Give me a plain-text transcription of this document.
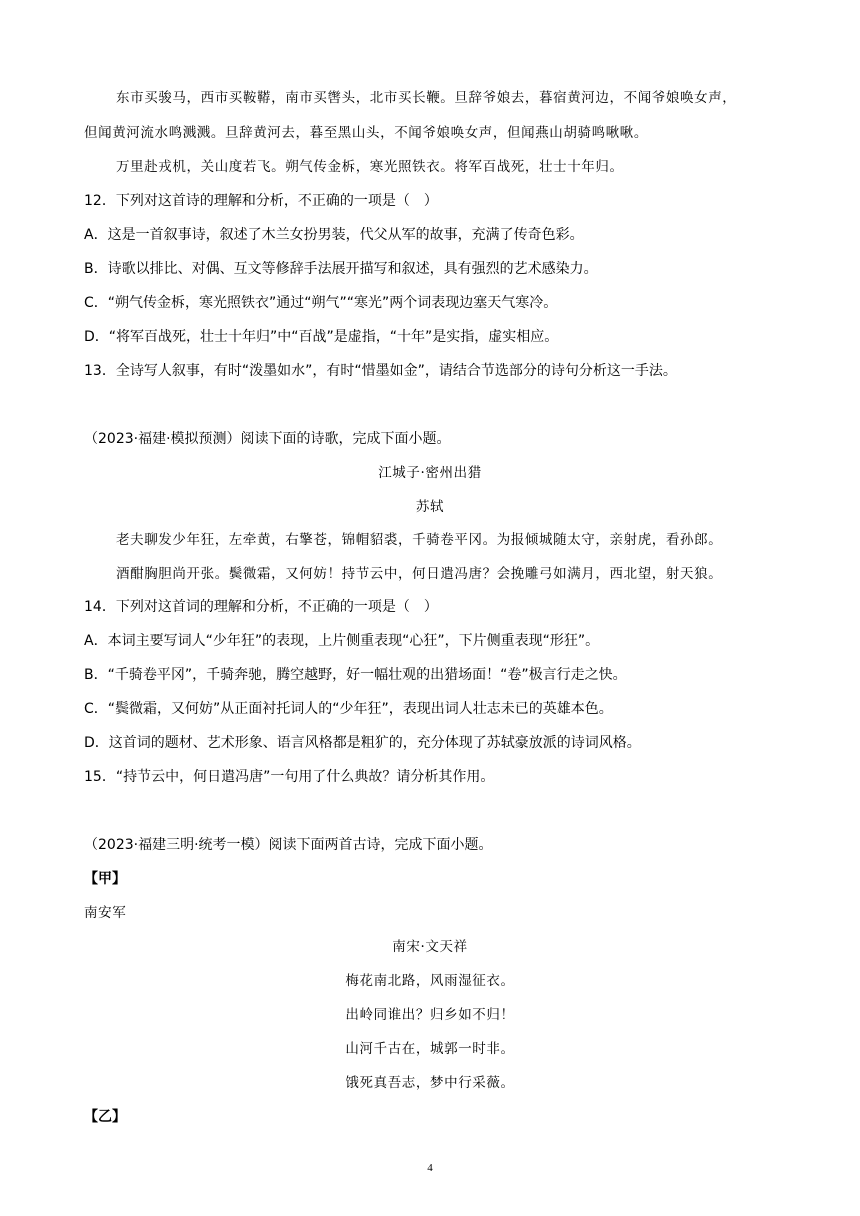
东市买骏马，西市买鞍鞯，南市买辔头，北市买长鞭。旦辞爷娘去，暮宿黄河边，不闻爷娘唤女声，
但闻黄河流水鸣溅溅。旦辞黄河去，暮至黑山头，不闻爷娘唤女声，但闻燕山胡骑鸣啾啾。
万里赴戎机，关山度若飞。朔气传金柝，寒光照铁衣。将军百战死，壮士十年归。
12．下列对这首诗的理解和分析，不正确的一项是（　）
A．这是一首叙事诗，叙述了木兰女扮男装，代父从军的故事，充满了传奇色彩。
B．诗歌以排比、对偶、互文等修辞手法展开描写和叙述，具有强烈的艺术感染力。
C．“朔气传金柝，寒光照铁衣”通过“朔气”“寒光”两个词表现边塞天气寒冷。
D．“将军百战死，壮士十年归”中“百战”是虚指，“十年”是实指，虚实相应。
13．全诗写人叙事，有时“泼墨如水”，有时“惜墨如金”，请结合节选部分的诗句分析这一手法。
（2023·福建·模拟预测）阅读下面的诗歌，完成下面小题。
江城子·密州出猎
苏轼
老夫聊发少年狂，左牵黄，右擎苍，锦帽貂裘，千骑卷平冈。为报倾城随太守，亲射虎，看孙郎。
酒酣胸胆尚开张。鬓微霜，又何妨！持节云中，何日遣冯唐？会挽雕弓如满月，西北望，射天狼。
14．下列对这首词的理解和分析，不正确的一项是（　）
A．本词主要写词人“少年狂”的表现，上片侧重表现“心狂”，下片侧重表现“形狂”。
B．“千骑卷平冈”，千骑奔驰，腾空越野，好一幅壮观的出猎场面！“卷”极言行走之快。
C．“鬓微霜，又何妨”从正面衬托词人的“少年狂”，表现出词人壮志未已的英雄本色。
D．这首词的题材、艺术形象、语言风格都是粗犷的，充分体现了苏轼豪放派的诗词风格。
15．“持节云中，何日遣冯唐”一句用了什么典故？请分析其作用。
（2023·福建三明·统考一模）阅读下面两首古诗，完成下面小题。
【甲】
南安军
南宋·文天祥
梅花南北路，风雨湿征衣。
出岭同谁出？归乡如不归！
山河千古在，城郭一时非。
饿死真吾志，梦中行采薇。
【乙】
4
